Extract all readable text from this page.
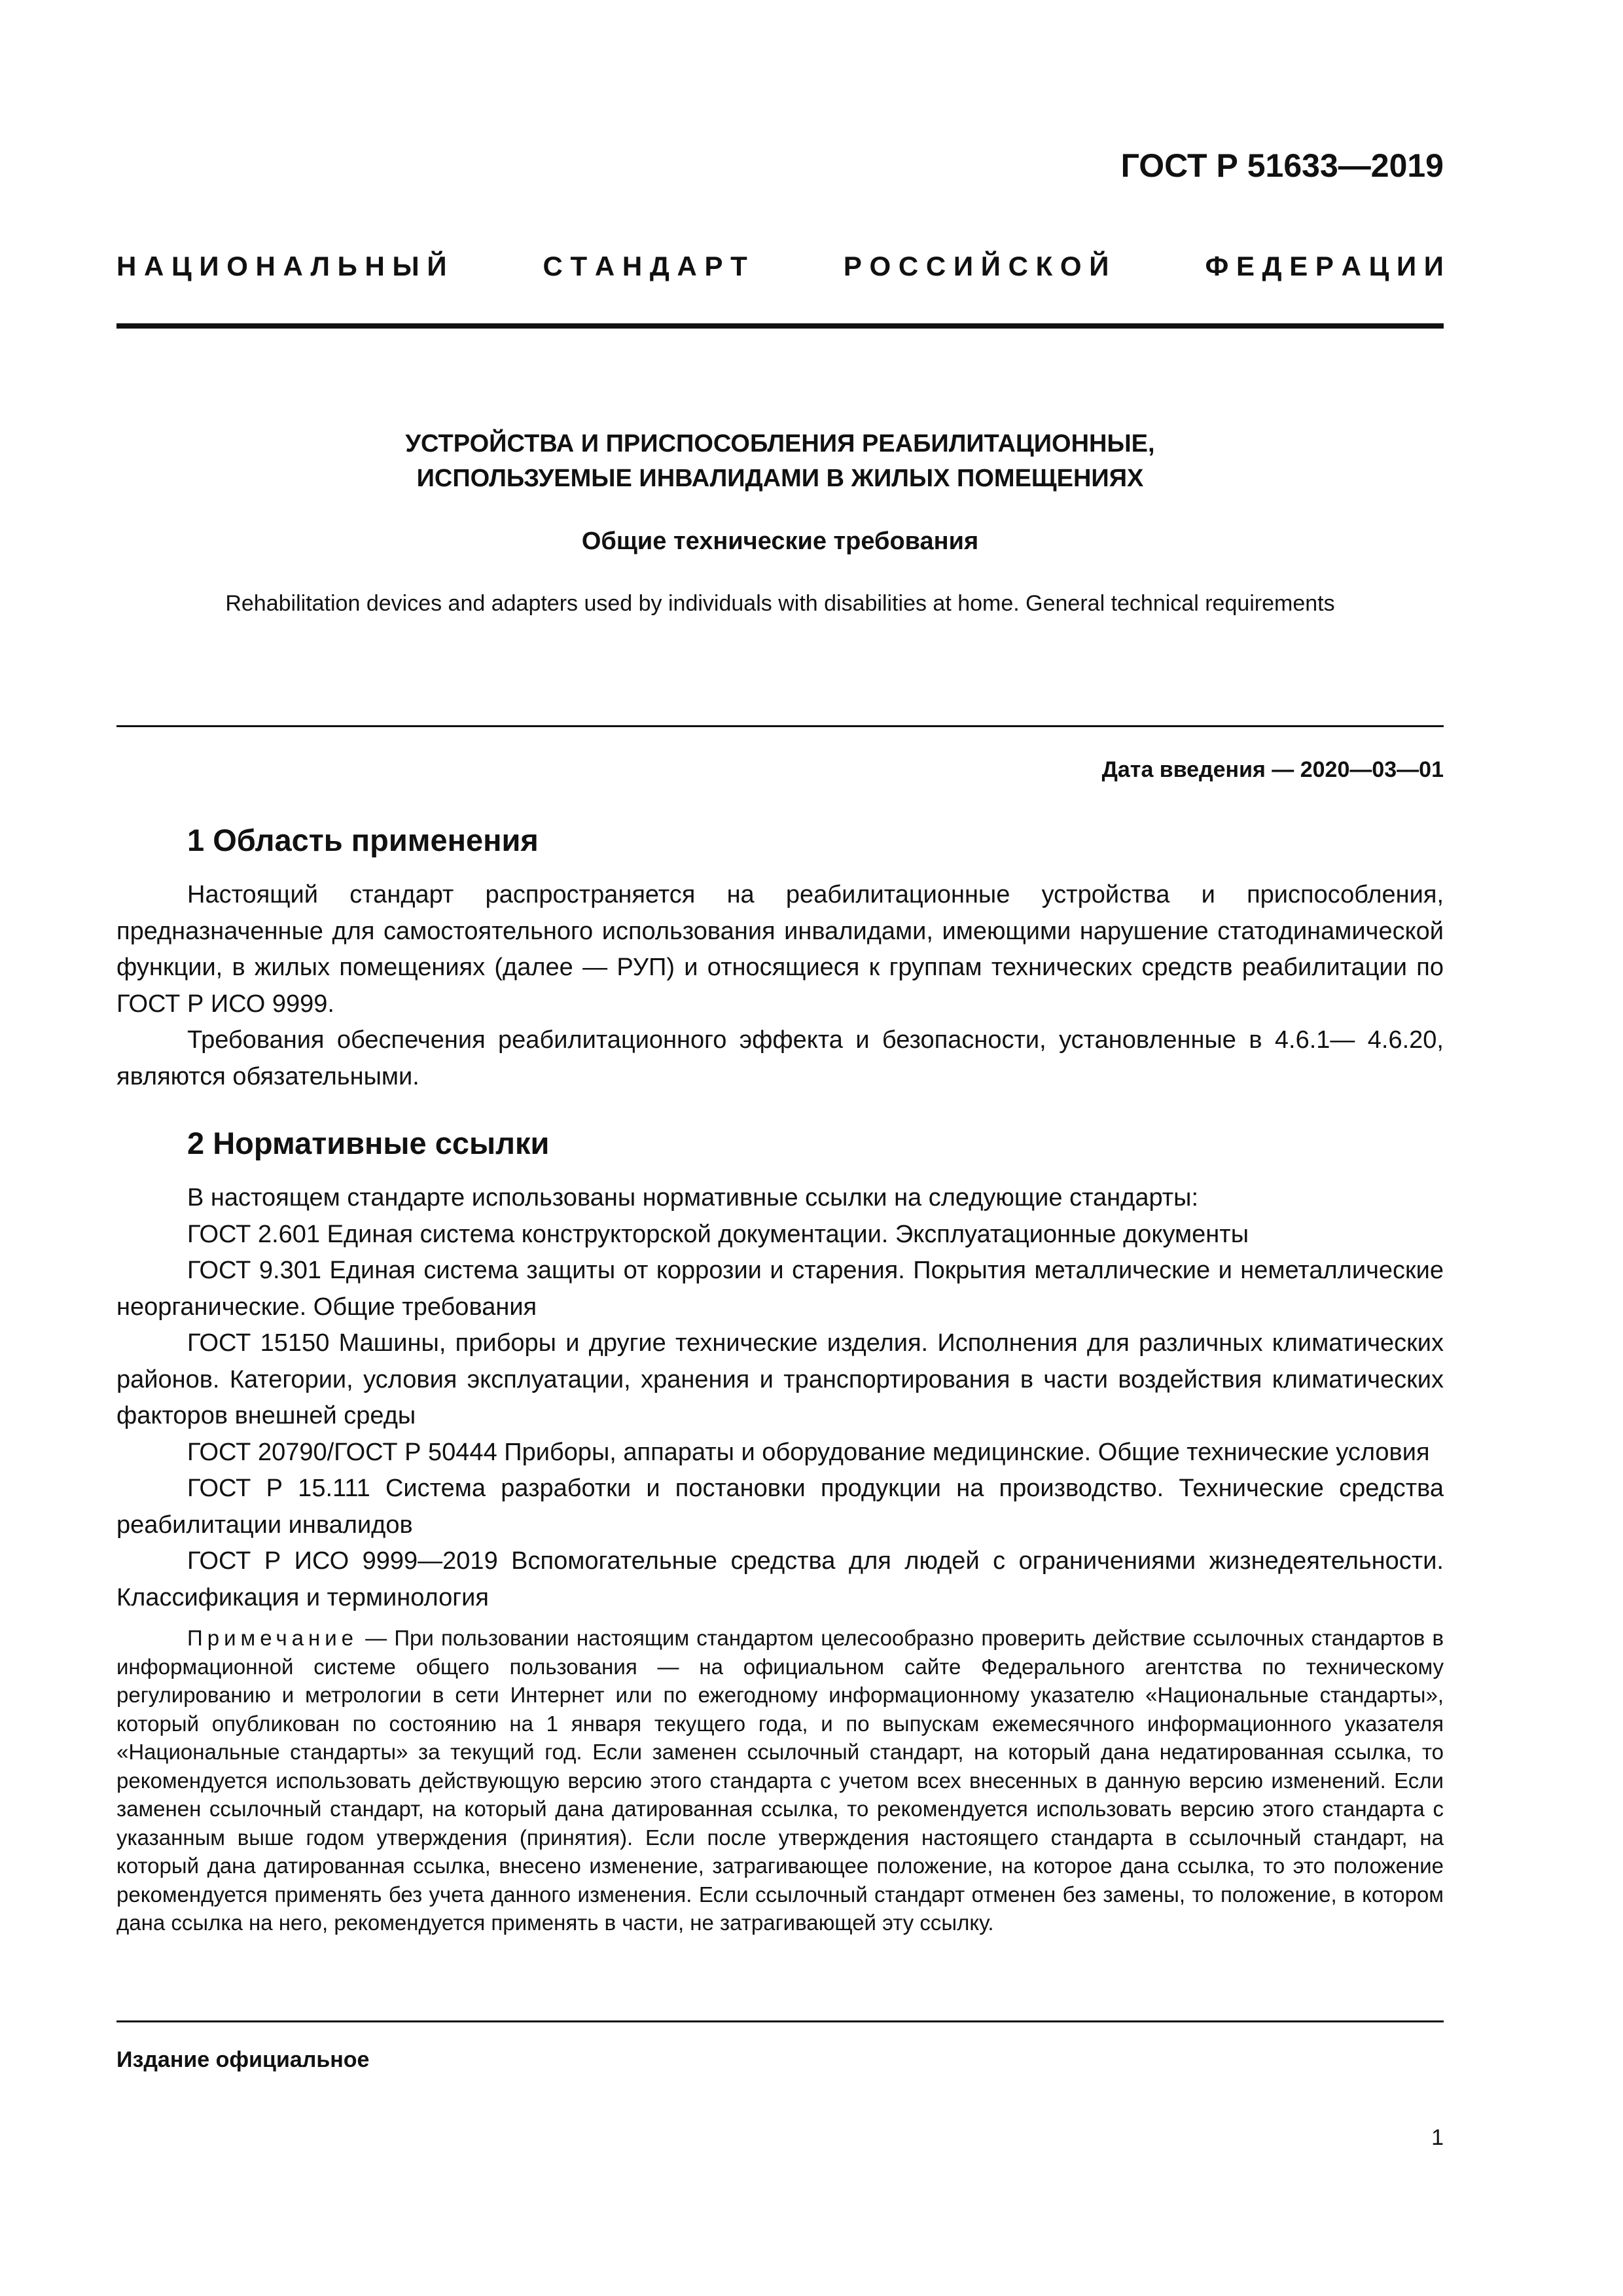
ГОСТ Р 51633—2019
Н А Ц И О Н А Л Ь Н Ы Й	С Т А Н Д А Р Т	Р О С С И Й С К О Й	Ф Е Д Е Р А Ц И И
УСТРОЙСТВА И ПРИСПОСОБЛЕНИЯ РЕАБИЛИТАЦИОННЫЕ,
ИСПОЛЬЗУЕМЫЕ ИНВАЛИДАМИ В ЖИЛЫХ ПОМЕЩЕНИЯХ
Общие технические требования
Rehabilitation devices and adapters used by individuals with disabilities at home. General technical requirements
Дата введения — 2020—03—01
1 Область применения

Настоящий стандарт распространяется на реабилитационные устройства и приспособления, предназначенные для самостоятельного использования инвалидами, имеющими нарушение статодинамической функции, в жилых помещениях (далее — РУП) и относящиеся к группам технических средств реабилитации по ГОСТ Р ИСО 9999.

Требования обеспечения реабилитационного эффекта и безопасности, установленные в 4.6.1— 4.6.20, являются обязательными.

2 Нормативные ссылки

В настоящем стандарте использованы нормативные ссылки на следующие стандарты:

ГОСТ 2.601 Единая система конструкторской документации. Эксплуатационные документы

ГОСТ 9.301 Единая система защиты от коррозии и старения. Покрытия металлические и неметаллические неорганические. Общие требования

ГОСТ 15150 Машины, приборы и другие технические изделия. Исполнения для различных климатических районов. Категории, условия эксплуатации, хранения и транспортирования в части воздействия климатических факторов внешней среды

ГОСТ 20790/ГОСТ Р 50444 Приборы, аппараты и оборудование медицинские. Общие технические условия

ГОСТ Р 15.111 Система разработки и постановки продукции на производство. Технические средства реабилитации инвалидов

ГОСТ Р ИСО 9999—2019 Вспомогательные средства для людей с ограничениями жизнедеятельности. Классификация и терминология

Примечание — При пользовании настоящим стандартом целесообразно проверить действие ссылочных стандартов в информационной системе общего пользования — на официальном сайте Федерального агентства по техническому регулированию и метрологии в сети Интернет или по ежегодному информационному указателю «Национальные стандарты», который опубликован по состоянию на 1 января текущего года, и по выпускам ежемесячного информационного указателя «Национальные стандарты» за текущий год. Если заменен ссылочный стандарт, на который дана недатированная ссылка, то рекомендуется использовать действующую версию этого стандарта с учетом всех внесенных в данную версию изменений. Если заменен ссылочный стандарт, на который дана датированная ссылка, то рекомендуется использовать версию этого стандарта с указанным выше годом утверждения (принятия). Если после утверждения настоящего стандарта в ссылочный стандарт, на который дана датированная ссылка, внесено изменение, затрагивающее положение, на которое дана ссылка, то это положение рекомендуется применять без учета данного изменения. Если ссылочный стандарт отменен без замены, то положение, в котором дана ссылка на него, рекомендуется применять в части, не затрагивающей эту ссылку.

Издание официальное
1
